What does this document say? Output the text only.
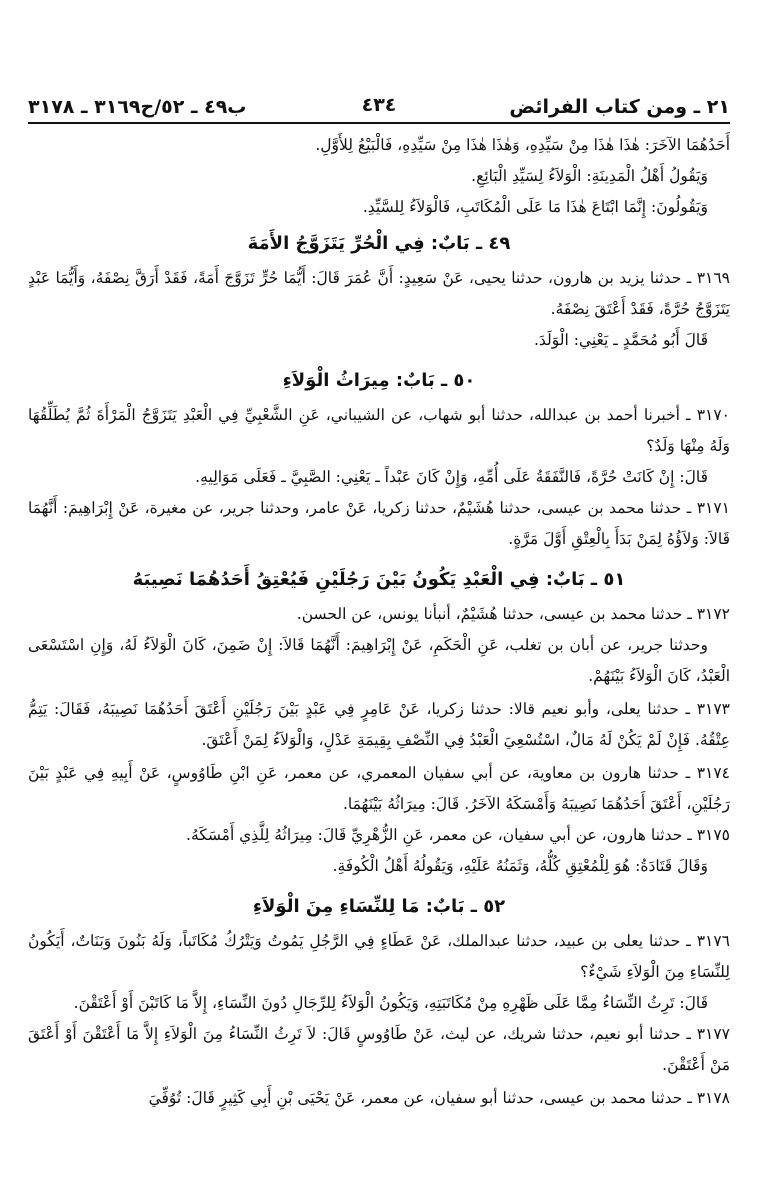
٢١ ـ ومن كتاب الفرائض
٤٣٤
ب٤٩ ـ ٥٢/ح٣١٦٩ ـ ٣١٧٨

أَحَدُهُمَا الآخَرَ: هٰذَا هٰذَا مِنْ سَيِّدِهِ، وَهٰذَا هٰذَا مِنْ سَيِّدِهِ، فَالْبَيْعُ لِلأَوَّلِ.

وَيَقُولُ أَهْلُ الْمَدِينَةِ: الْوَلاَءُ لِسَيِّدِ الْبَائِعِ.

وَيَقُولُونَ: إِنَّمَا ابْتَاعَ هٰذَا مَا عَلَى الْمُكَاتَبِ، فَالْوَلاَءُ لِلسَّيِّدِ.

٤٩ ـ بَابٌ: فِي الْحُرِّ يَتَزَوَّجُ الأَمَةَ

٣١٦٩ ـ حدثنا يزيد بن هارون، حدثنا يحيى، عَنْ سَعِيدٍ: أَنَّ عُمَرَ قَالَ: أَيُّمَا حُرٍّ تَزَوَّجَ أَمَةً، فَقَدْ أَرَقَّ نِصْفَهُ، وَأَيُّمَا عَبْدٍ يَتَزَوَّجُ حُرَّةً، فَقَدْ أَعْتَقَ نِصْفَهُ.

قَالَ أَبُو مُحَمَّدٍ ـ يَعْنِي: الْوَلَدَ.

٥٠ ـ بَابٌ: مِيرَاثُ الْوَلاَءِ

٣١٧٠ ـ أخبرنا أحمد بن عبدالله، حدثنا أبو شهاب، عن الشيباني، عَنِ الشَّعْبِيِّ فِي الْعَبْدِ يَتَزَوَّجُ الْمَرْأَةَ ثُمَّ يُطَلِّقُهَا وَلَهُ مِنْهَا وَلَدٌ؟

قَالَ: إِنْ كَانَتْ حُرَّةً، فَالنَّفَقَةُ عَلَى أُمِّهِ، وَإِنْ كَانَ عَبْداً ـ يَعْنِي: الصَّبِيَّ ـ فَعَلَى مَوَالِيهِ.

٣١٧١ ـ حدثنا محمد بن عيسى، حدثنا هُشَيْمٌ، حدثنا زكريا، عَنْ عامر، وحدثنا جرير، عن مغيرة، عَنْ إِبْرَاهِيمَ: أَنَّهُمَا قَالاَ: وَلاَؤُهُ لِمَنْ بَدَأَ بِالْعِتْقِ أَوَّلَ مَرَّةٍ.

٥١ ـ بَابٌ: فِي الْعَبْدِ يَكُونُ بَيْنَ رَجُلَيْنِ فَيُعْتِقُ أَحَدُهُمَا نَصِيبَهُ

٣١٧٢ ـ حدثنا محمد بن عيسى، حدثنا هُشَيْمٌ، أنبأنا يونس، عن الحسن.

وحدثنا جرير، عن أبان بن تغلب، عَنِ الْحَكَمِ، عَنْ إِبْرَاهِيمَ: أَنَّهُمَا قَالاَ: إِنْ ضَمِنَ، كَانَ الْوَلاَءُ لَهُ، وَإِنِ اسْتَسْعَى الْعَبْدُ، كَانَ الْوَلاَءُ بَيْنَهُمْ.

٣١٧٣ ـ حدثنا يعلى، وأبو نعيم قالا: حدثنا زكريا، عَنْ عَامِرٍ فِي عَبْدٍ بَيْنَ رَجُلَيْنِ أَعْتَقَ أَحَدُهُمَا نَصِيبَهُ، فَقَالَ: يَتِمُّ عِتْقُهُ. فَإِنْ لَمْ يَكُنْ لَهُ مَالٌ، اسْتُسْعِيَ الْعَبْدُ فِي النِّصْفِ بِقِيمَةِ عَدْلٍ، وَالْوَلاَءُ لِمَنْ أَعْتَقَ.

٣١٧٤ ـ حدثنا هارون بن معاوية، عن أبي سفيان المعمري، عن معمر، عَنِ ابْنِ طَاوُوسٍ، عَنْ أَبِيهِ فِي عَبْدٍ بَيْنَ رَجُلَيْنِ، أَعْتَقَ أَحَدُهُمَا نَصِيبَهُ وَأَمْسَكَهُ الآخَرُ. قَالَ: مِيرَاثُهُ بَيْنَهُمَا.

٣١٧٥ ـ حدثنا هارون، عن أبي سفيان، عن معمر، عَنِ الزُّهْرِيِّ قَالَ: مِيرَاثُهُ لِلَّذِي أَمْسَكَهُ.

وَقَالَ قَتَادَةُ: هُوَ لِلْمُعْتِقِ كُلُّهُ، وَثَمَنُهُ عَلَيْهِ، وَيَقُولُهُ أَهْلُ الْكُوفَةِ.

٥٢ ـ بَابٌ: مَا لِلنِّسَاءِ مِنَ الْوَلاَءِ

٣١٧٦ ـ حدثنا يعلى بن عبيد، حدثنا عبدالملك، عَنْ عَطَاءٍ فِي الرَّجُلِ يَمُوتُ وَيَتْرُكُ مُكَاتَباً، وَلَهُ بَنُونَ وَبَنَاتٌ، أَيَكُونُ لِلنِّسَاءِ مِنَ الْوَلاَءِ شَيْءٌ؟

قَالَ: تَرِثُ النِّسَاءُ مِمَّا عَلَى ظَهْرِهِ مِنْ مُكَاتَبَتِهِ، وَيَكُونُ الْوَلاَءُ لِلرِّجَالِ دُونَ النِّسَاءِ، إِلاَّ مَا كَاتَبْنَ أَوْ أَعْتَقْنَ.

٣١٧٧ ـ حدثنا أبو نعيم، حدثنا شريك، عن ليث، عَنْ طَاوُوسٍ قَالَ: لاَ تَرِثُ النِّسَاءُ مِنَ الْوَلاَءِ إِلاَّ مَا أَعْتَقْنَ أَوْ أَعْتَقَ مَنْ أَعْتَقْنَ.

٣١٧٨ ـ حدثنا محمد بن عيسى، حدثنا أبو سفيان، عن معمر، عَنْ يَحْيَى بْنِ أَبِي كَثِيرٍ قَالَ: تُوُفِّيَ
